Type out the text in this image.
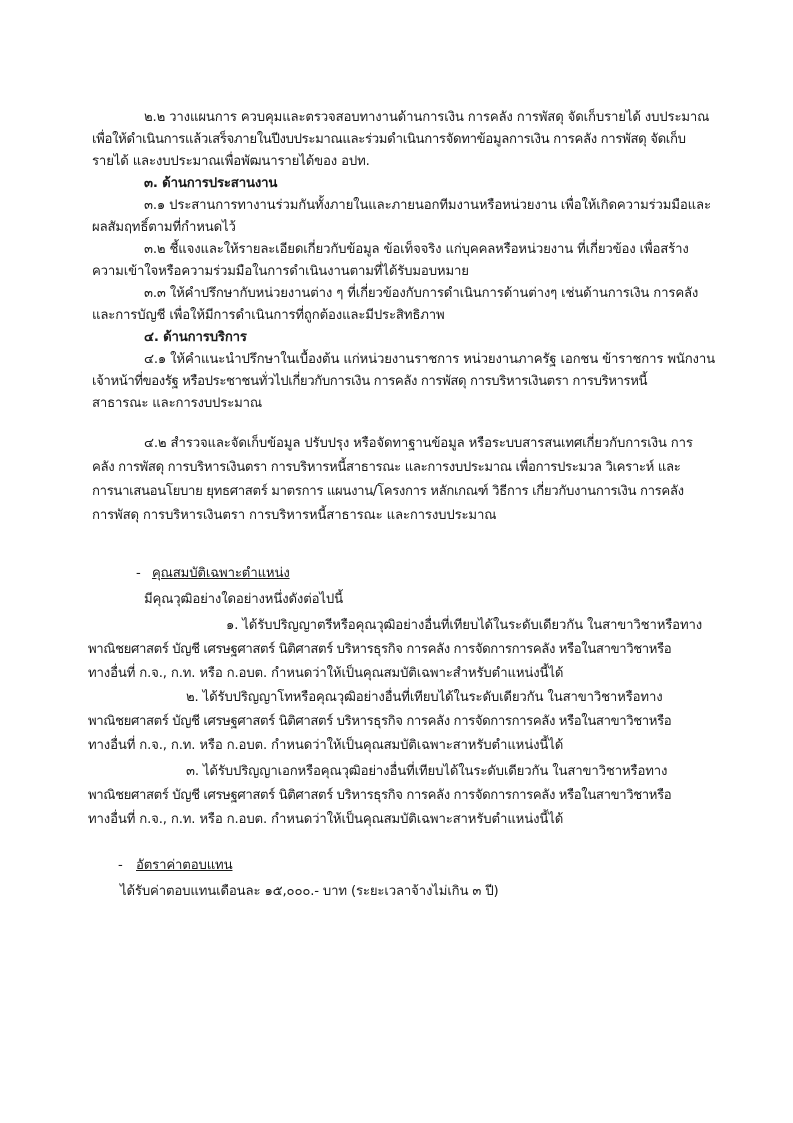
๒.๒ วางแผนการ ควบคุมและตรวจสอบทางานด้านการเงิน การคลัง การพัสดุ จัดเก็บรายได้ งบประมาณ
เพื่อให้ดำเนินการแล้วเสร็จภายในปีงบประมาณและร่วมดำเนินการจัดทาข้อมูลการเงิน การคลัง การพัสดุ จัดเก็บ
รายได้ และงบประมาณเพื่อพัฒนารายได้ของ อปท.
๓. ด้านการประสานงาน
๓.๑ ประสานการทางานร่วมกันทั้งภายในและภายนอกทีมงานหรือหน่วยงาน เพื่อให้เกิดความร่วมมือและ
ผลสัมฤทธิ์ตามที่กำหนดไว้
๓.๒ ชี้แจงและให้รายละเอียดเกี่ยวกับข้อมูล ข้อเท็จจริง แก่บุคคลหรือหน่วยงาน ที่เกี่ยวข้อง เพื่อสร้าง
ความเข้าใจหรือความร่วมมือในการดำเนินงานตามที่ได้รับมอบหมาย
๓.๓ ให้คำปรึกษากับหน่วยงานต่าง ๆ ที่เกี่ยวข้องกับการดำเนินการด้านต่างๆ เช่นด้านการเงิน การคลัง
และการบัญชี เพื่อให้มีการดำเนินการที่ถูกต้องและมีประสิทธิภาพ
๔. ด้านการบริการ
๔.๑ ให้คำแนะนำปรึกษาในเบื้องต้น แก่หน่วยงานราชการ หน่วยงานภาครัฐ เอกชน ข้าราชการ พนักงาน
เจ้าหน้าที่ของรัฐ หรือประชาชนทั่วไปเกี่ยวกับการเงิน การคลัง การพัสดุ การบริหารเงินตรา การบริหารหนี้
สาธารณะ และการงบประมาณ
๔.๒ สำรวจและจัดเก็บข้อมูล ปรับปรุง หรือจัดทาฐานข้อมูล หรือระบบสารสนเทศเกี่ยวกับการเงิน การ
คลัง การพัสดุ การบริหารเงินตรา การบริหารหนี้สาธารณะ และการงบประมาณ เพื่อการประมวล วิเคราะห์ และ
การนาเสนอนโยบาย ยุทธศาสตร์ มาตรการ แผนงาน/โครงการ หลักเกณฑ์ วิธีการ เกี่ยวกับงานการเงิน การคลัง
การพัสดุ การบริหารเงินตรา การบริหารหนี้สาธารณะ และการงบประมาณ
- คุณสมบัติเฉพาะตำแหน่ง
มีคุณวุฒิอย่างใดอย่างหนึ่งดังต่อไปนี้
๑. ได้รับปริญญาตรีหรือคุณวุฒิอย่างอื่นที่เทียบได้ในระดับเดียวกัน ในสาขาวิชาหรือทาง
พาณิชยศาสตร์ บัญชี เศรษฐศาสตร์ นิติศาสตร์ บริหารธุรกิจ การคลัง การจัดการการคลัง หรือในสาขาวิชาหรือ
ทางอื่นที่ ก.จ., ก.ท. หรือ ก.อบต. กำหนดว่าให้เป็นคุณสมบัติเฉพาะสำหรับตำแหน่งนี้ได้
๒. ได้รับปริญญาโทหรือคุณวุฒิอย่างอื่นที่เทียบได้ในระดับเดียวกัน ในสาขาวิชาหรือทาง
พาณิชยศาสตร์ บัญชี เศรษฐศาสตร์ นิติศาสตร์ บริหารธุรกิจ การคลัง การจัดการการคลัง หรือในสาขาวิชาหรือ
ทางอื่นที่ ก.จ., ก.ท. หรือ ก.อบต. กำหนดว่าให้เป็นคุณสมบัติเฉพาะสาหรับตำแหน่งนี้ได้
๓. ได้รับปริญญาเอกหรือคุณวุฒิอย่างอื่นที่เทียบได้ในระดับเดียวกัน ในสาขาวิชาหรือทาง
พาณิชยศาสตร์ บัญชี เศรษฐศาสตร์ นิติศาสตร์ บริหารธุรกิจ การคลัง การจัดการการคลัง หรือในสาขาวิชาหรือ
ทางอื่นที่ ก.จ., ก.ท. หรือ ก.อบต. กำหนดว่าให้เป็นคุณสมบัติเฉพาะสาหรับตำแหน่งนี้ได้
- อัตราค่าตอบแทน
ได้รับค่าตอบแทนเดือนละ ๑๕,๐๐๐.- บาท (ระยะเวลาจ้างไม่เกิน ๓ ปี)
